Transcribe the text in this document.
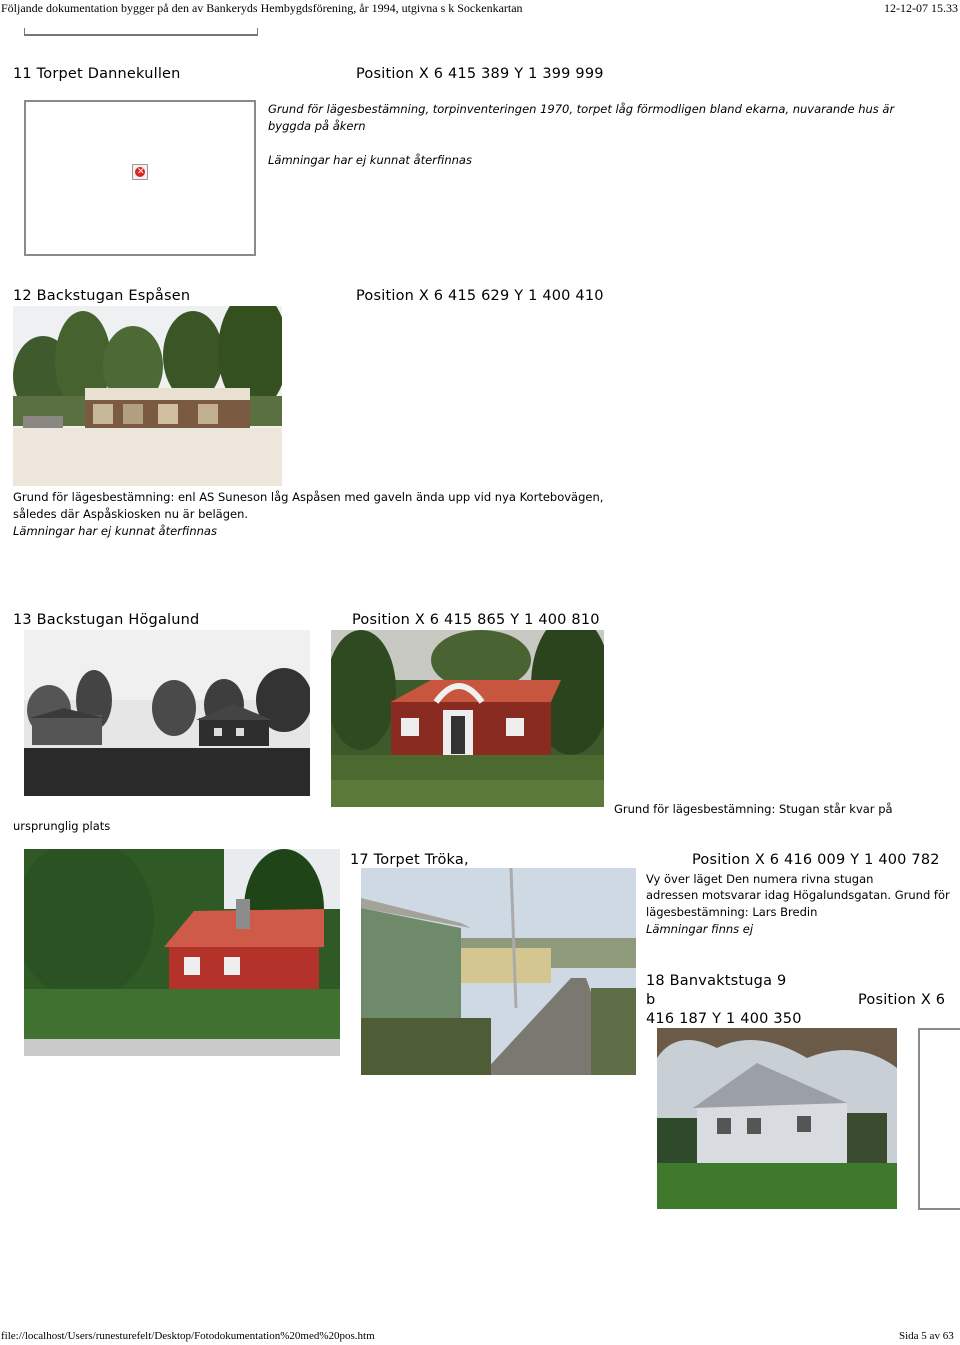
Följande dokumentation bygger på den av Bankeryds Hembygdsförening, år 1994, utgivna s k Sockenkartan	12-12-07 15.33
11 Torpet Dannekullen	Position X 6 415 389 Y 1 399 999
✕
Grund för lägesbestämning, torpinventeringen 1970, torpet låg förmodligen bland ekarna, nuvarande hus är byggda på åkern
Lämningar har ej kunnat återfinnas
12 Backstugan Espåsen	Position X 6 415 629 Y 1 400 410
Grund för lägesbestämning: enl AS Suneson låg Aspåsen med gaveln ända upp vid nya Kortebovägen,
således där Aspåskiosken nu är belägen.
Lämningar har ej kunnat återfinnas
13 Backstugan Högalund	Position X 6 415 865 Y 1 400 810
ursprunglig plats
Grund för lägesbestämning: Stugan står kvar på
17 Torpet Tröka,	Position X 6 416 009 Y 1 400 782
Vy över läget Den numera rivna stugan
adressen motsvarar idag Högalundsgatan. Grund för
lägesbestämning: Lars Bredin
Lämningar finns ej
18 Banvaktstuga 9
b	Position X 6
416 187 Y 1 400 350
file://localhost/Users/runesturefelt/Desktop/Fotodokumentation%20med%20pos.htm	Sida 5 av 63
